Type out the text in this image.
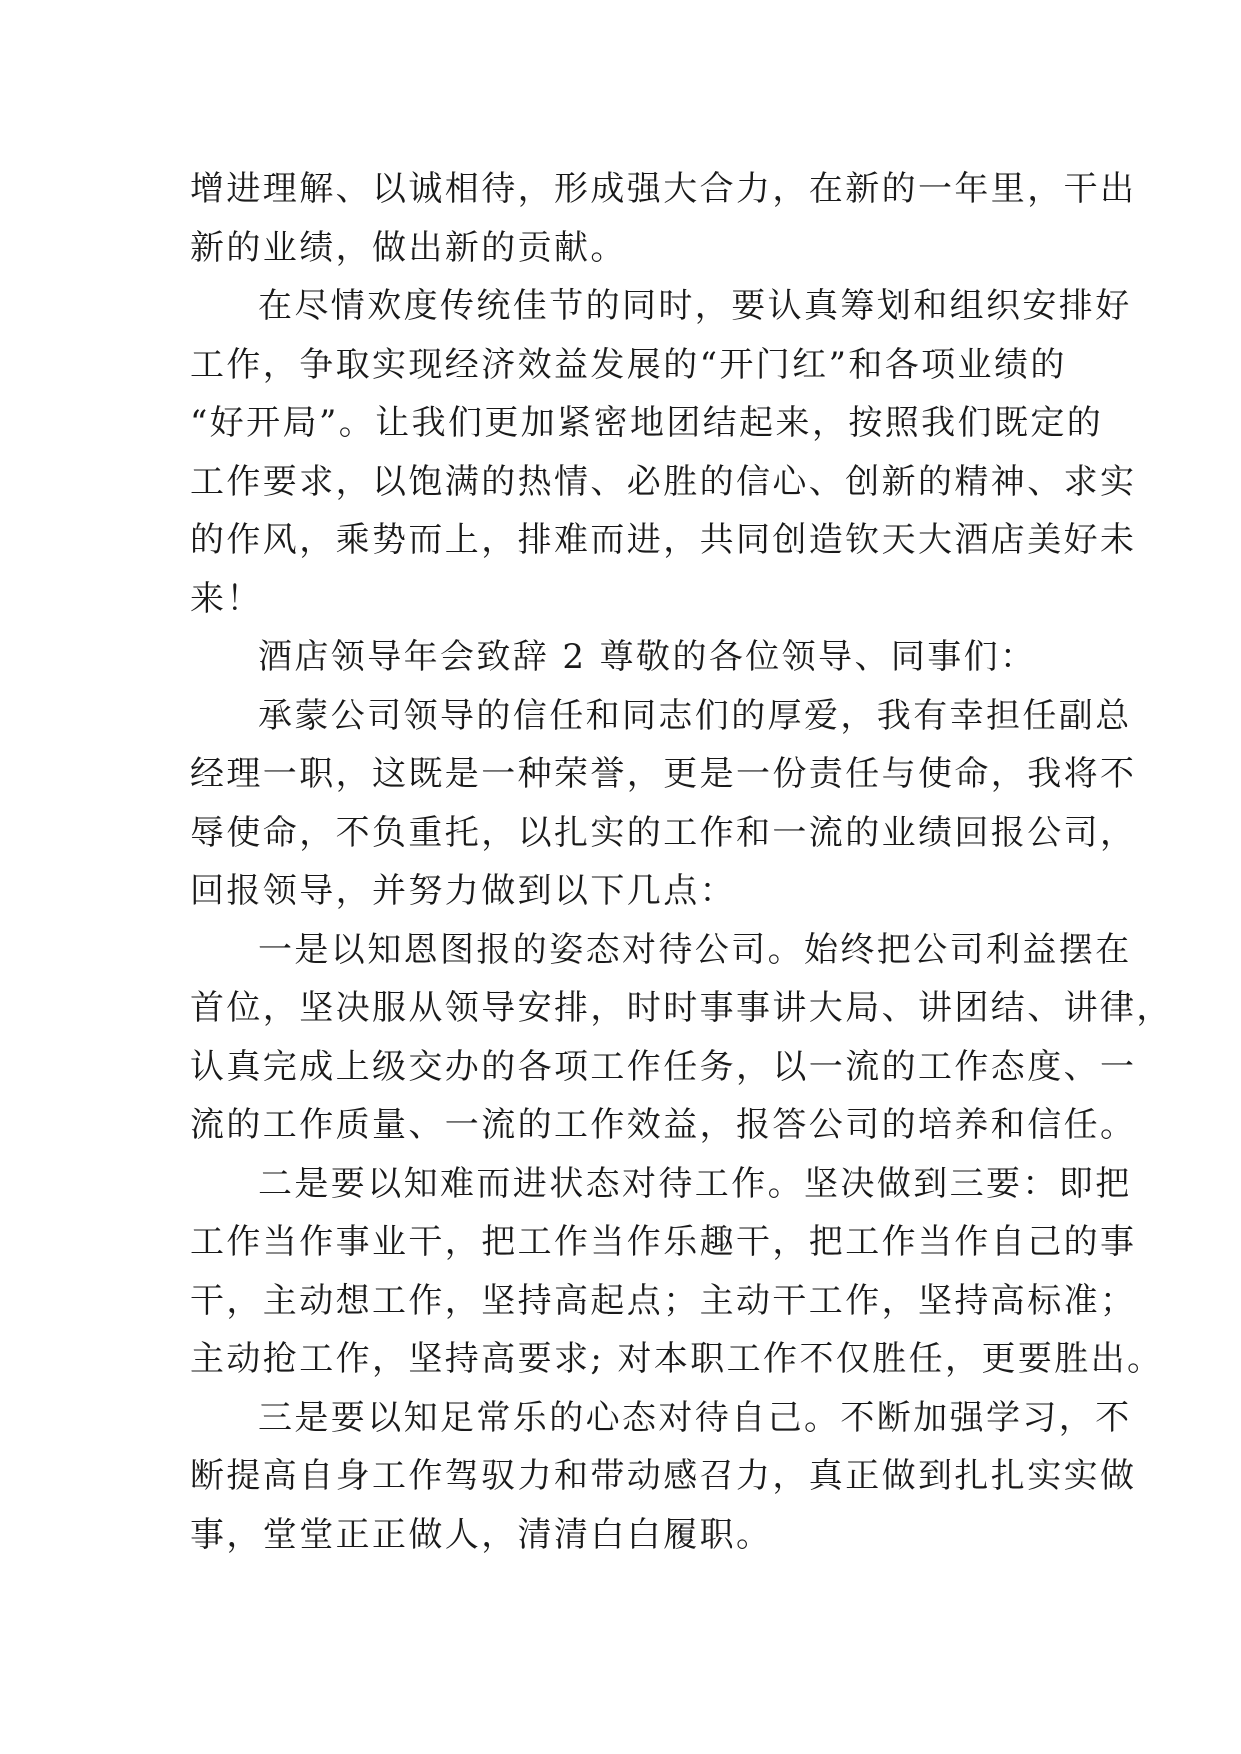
增进理解、以诚相待，形成强大合力，在新的一年里，干出
新的业绩，做出新的贡献。
在尽情欢度传统佳节的同时，要认真筹划和组织安排好
工作，争取实现经济效益发展的“开门红”和各项业绩的
“好开局”。让我们更加紧密地团结起来，按照我们既定的
工作要求，以饱满的热情、必胜的信心、创新的精神、求实
的作风，乘势而上，排难而进，共同创造钦天大酒店美好未
来！
酒店领导年会致辞 2 尊敬的各位领导、同事们：
承蒙公司领导的信任和同志们的厚爱，我有幸担任副总
经理一职，这既是一种荣誉，更是一份责任与使命，我将不
辱使命，不负重托，以扎实的工作和一流的业绩回报公司，
回报领导，并努力做到以下几点：
一是以知恩图报的姿态对待公司。始终把公司利益摆在
首位，坚决服从领导安排，时时事事讲大局、讲团结、讲律，
认真完成上级交办的各项工作任务，以一流的工作态度、一
流的工作质量、一流的工作效益，报答公司的培养和信任。
二是要以知难而进状态对待工作。坚决做到三要：即把
工作当作事业干，把工作当作乐趣干，把工作当作自己的事
干，主动想工作，坚持高起点；主动干工作，坚持高标准；
主动抢工作，坚持高要求; 对本职工作不仅胜任，更要胜出。
三是要以知足常乐的心态对待自己。不断加强学习，不
断提高自身工作驾驭力和带动感召力，真正做到扎扎实实做
事，堂堂正正做人，清清白白履职。
